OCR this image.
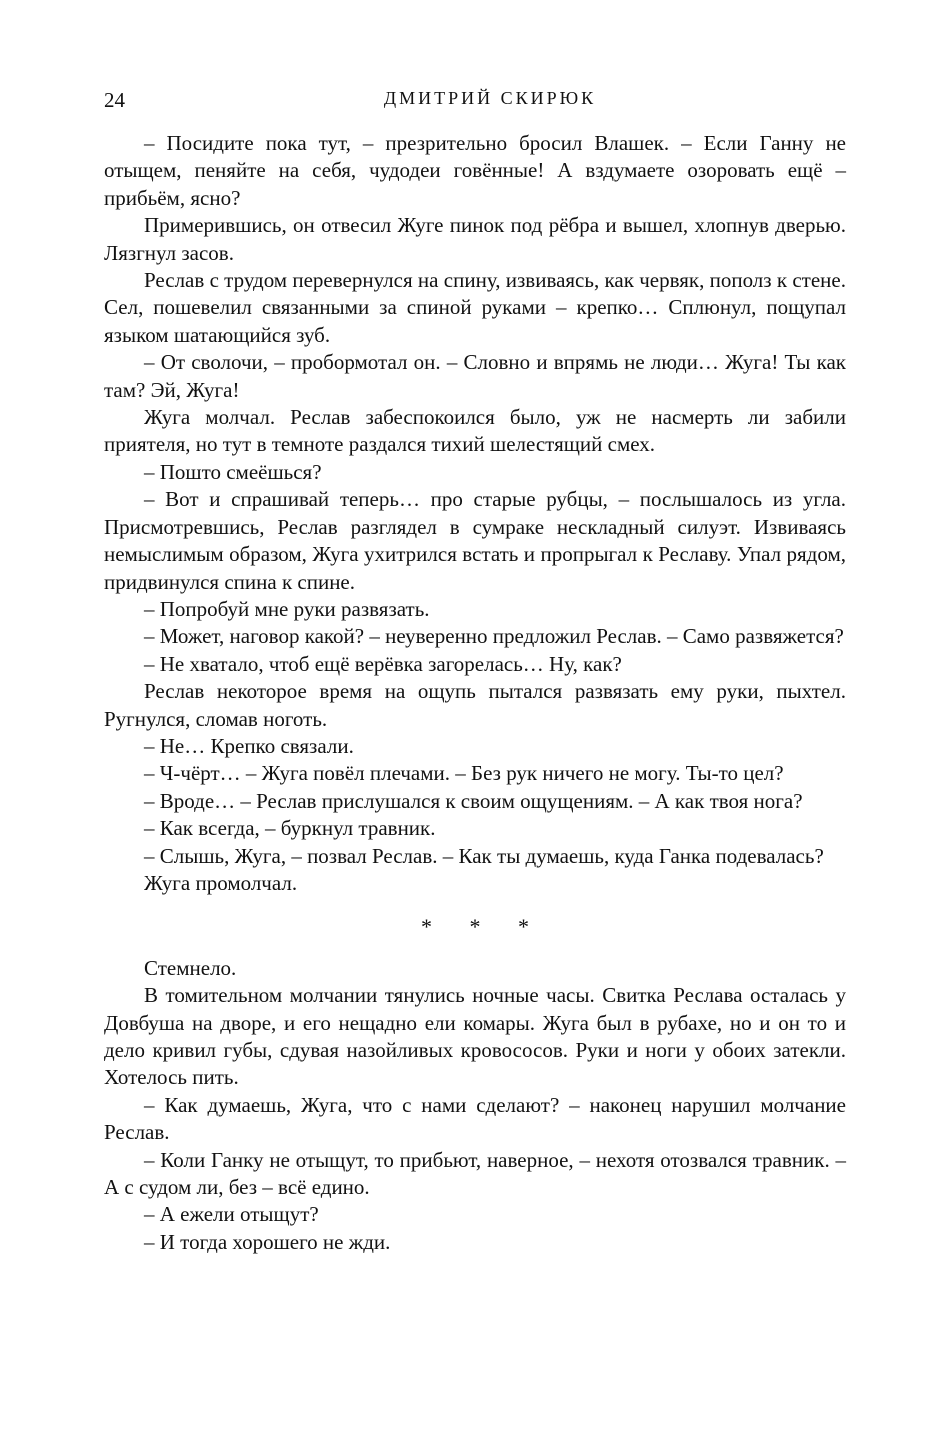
24	ДМИТРИЙ СКИРЮК

– Посидите пока тут, – презрительно бросил Влашек. – Если Ганну не отыщем, пеняйте на себя, чудодеи говённые! А вздумаете озоровать ещё – прибьём, ясно?

Примерившись, он отвесил Жуге пинок под рёбра и вышел, хлопнув дверью. Лязгнул засов.

Реслав с трудом перевернулся на спину, извиваясь, как червяк, пополз к стене. Сел, пошевелил связанными за спиной руками – крепко… Сплюнул, пощупал языком шатающийся зуб.

– От сволочи, – пробормотал он. – Словно и впрямь не люди… Жуга! Ты как там? Эй, Жуга!

Жуга молчал. Реслав забеспокоился было, уж не насмерть ли забили приятеля, но тут в темноте раздался тихий шелестящий смех.

– Пошто смеёшься?

– Вот и спрашивай теперь… про старые рубцы, – послышалось из угла. Присмотревшись, Реслав разглядел в сумраке нескладный силуэт. Извиваясь немыслимым образом, Жуга ухитрился встать и пропрыгал к Реславу. Упал рядом, придвинулся спина к спине.

– Попробуй мне руки развязать.

– Может, наговор какой? – неуверенно предложил Реслав. – Само развяжется?

– Не хватало, чтоб ещё верёвка загорелась… Ну, как?

Реслав некоторое время на ощупь пытался развязать ему руки, пыхтел. Ругнулся, сломав ноготь.

– Не… Крепко связали.

– Ч-чёрт… – Жуга повёл плечами. – Без рук ничего не могу. Ты-то цел?

– Вроде… – Реслав прислушался к своим ощущениям. – А как твоя нога?

– Как всегда, – буркнул травник.

– Слышь, Жуга, – позвал Реслав. – Как ты думаешь, куда Ганка подевалась?

Жуга промолчал.

* * *

Стемнело.

В томительном молчании тянулись ночные часы. Свитка Реслава осталась у Довбуша на дворе, и его нещадно ели комары. Жуга был в рубахе, но и он то и дело кривил губы, сдувая назойливых кровососов. Руки и ноги у обоих затекли. Хотелось пить.

– Как думаешь, Жуга, что с нами сделают? – наконец нарушил молчание Реслав.

– Коли Ганку не отыщут, то прибьют, наверное, – нехотя отозвался травник. – А с судом ли, без – всё едино.

– А ежели отыщут?

– И тогда хорошего не жди.
